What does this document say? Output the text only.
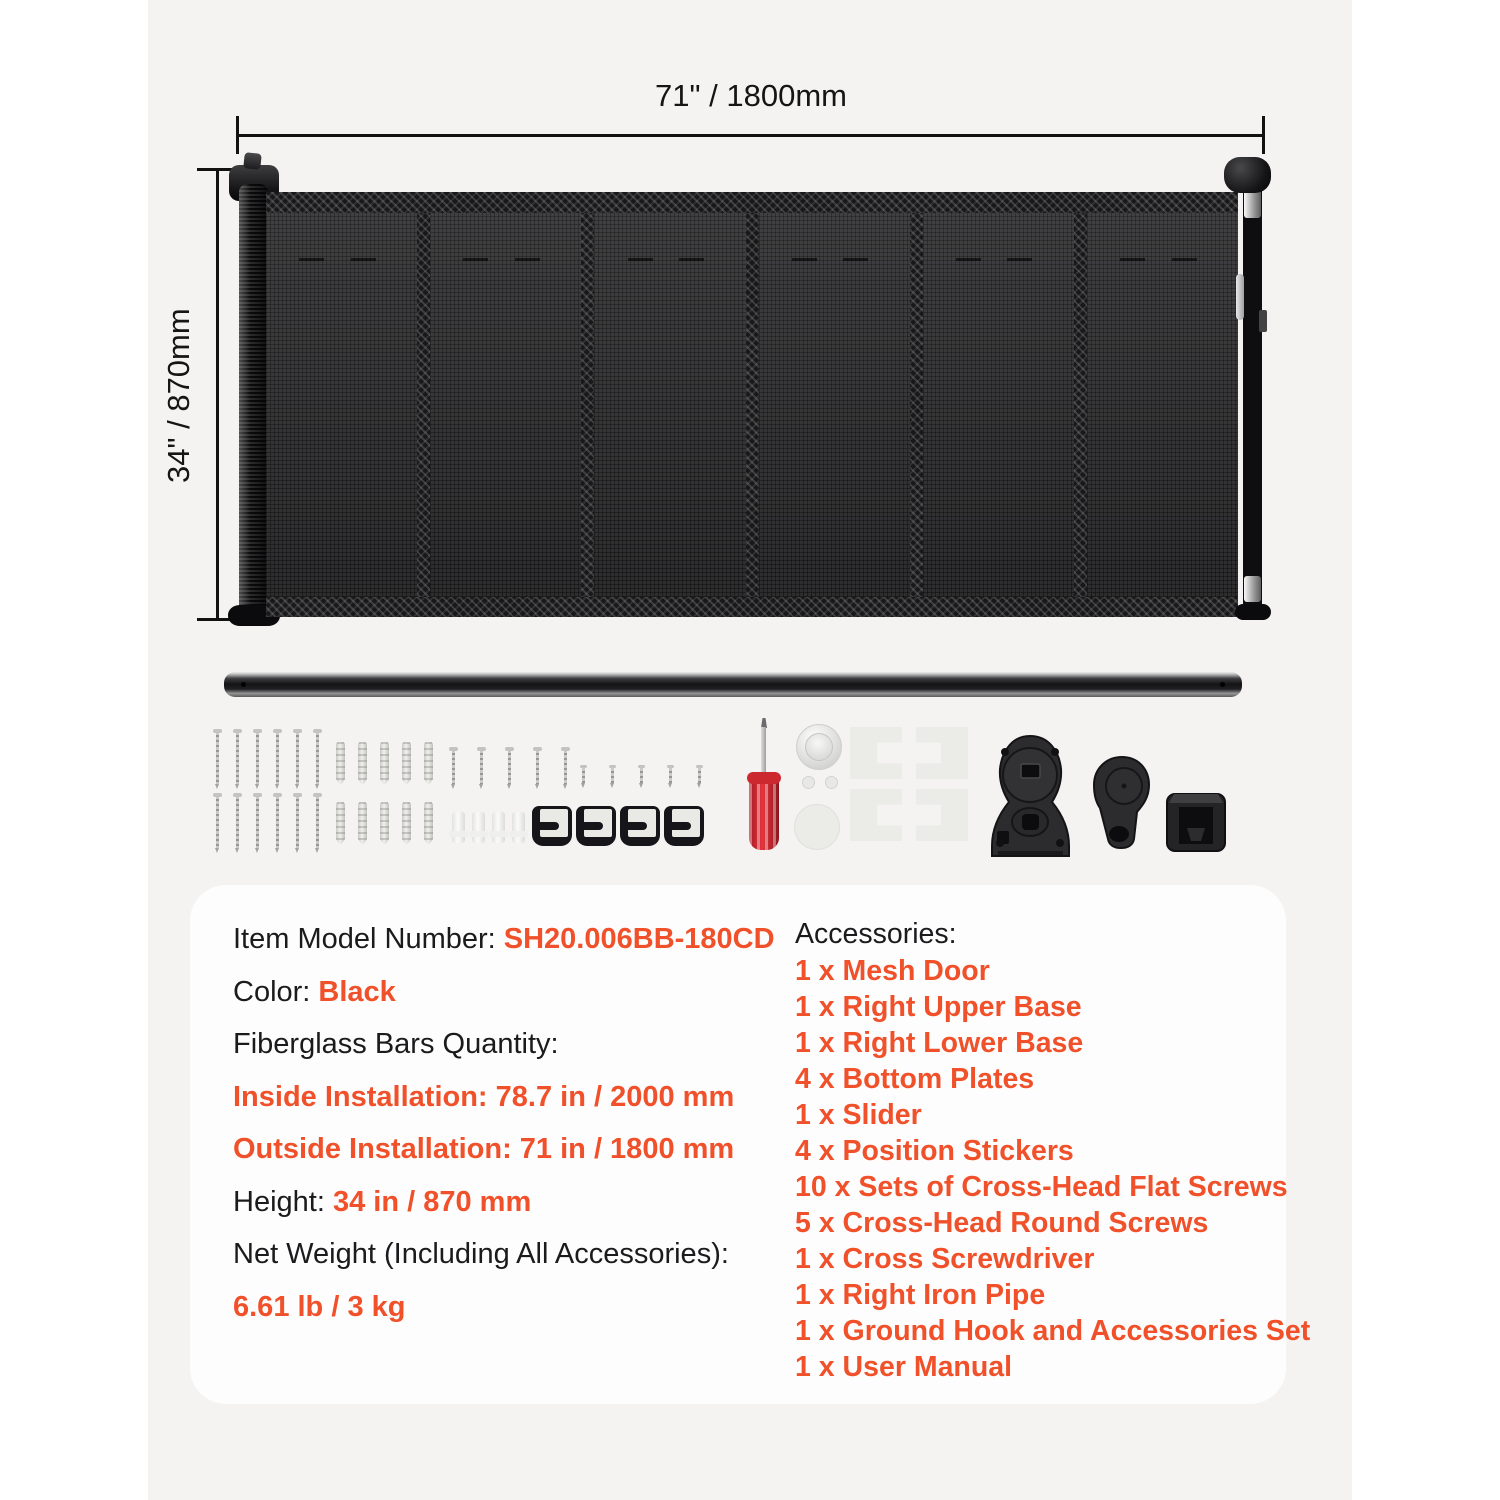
71" / 1800mm
34" / 870mm
Item Model Number: SH20.006BB-180CD
Color: Black
Fiberglass Bars Quantity:
Inside Installation: 78.7 in / 2000 mm
Outside Installation: 71 in / 1800 mm
Height: 34 in / 870 mm
Net Weight (Including All Accessories):
6.61 lb / 3 kg
Accessories:
1 x Mesh Door
1 x Right Upper Base
1 x Right Lower Base
4 x Bottom Plates
1 x Slider
4 x Position Stickers
10 x Sets of Cross-Head Flat Screws
5 x Cross-Head Round Screws
1 x Cross Screwdriver
1 x Right Iron Pipe
1 x Ground Hook and Accessories Set
1 x User Manual
